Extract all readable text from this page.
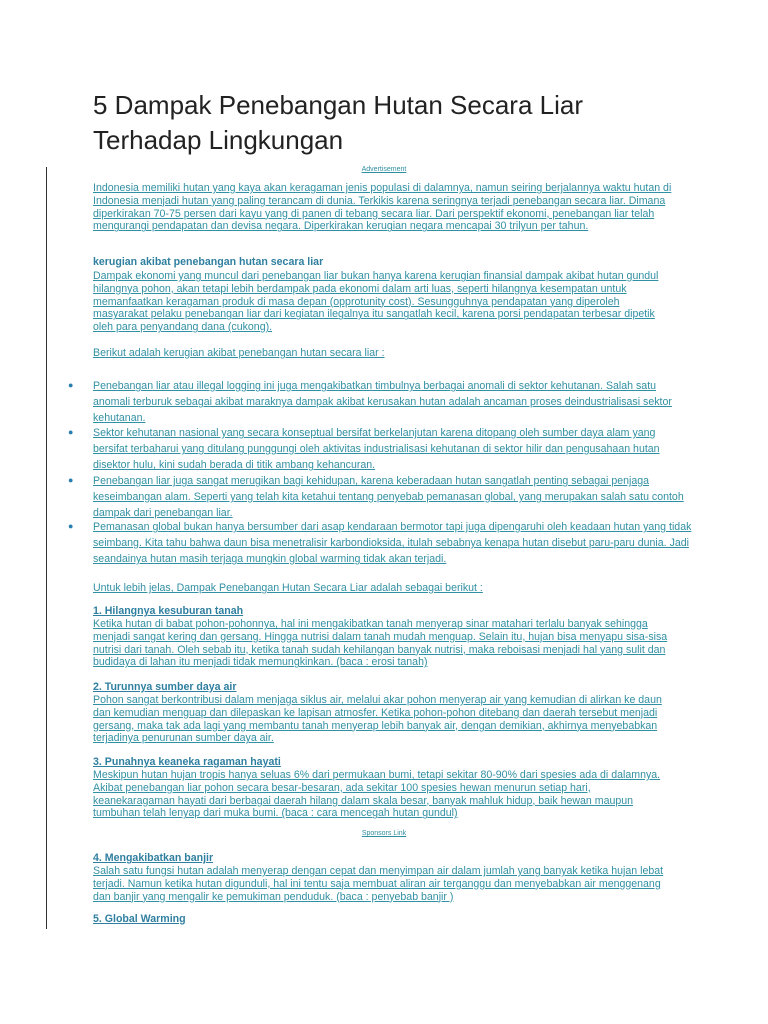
5 Dampak Penebangan Hutan Secara Liar Terhadap Lingkungan
Advertisement

Indonesia memiliki hutan yang kaya akan keragaman jenis populasi di dalamnya, namun seiring berjalannya waktu hutan di Indonesia menjadi hutan yang paling terancam di dunia. Terkikis karena seringnya terjadi penebangan secara liar. Dimana diperkirakan 70-75 persen dari kayu yang di panen di tebang secara liar. Dari perspektif ekonomi, penebangan liar telah mengurangi pendapatan dan devisa negara. Diperkirakan kerugian negara mencapai 30 trilyun per tahun.

kerugian akibat penebangan hutan secara liar

Dampak ekonomi yang muncul dari penebangan liar bukan hanya karena kerugian finansial dampak akibat hutan gundul hilangnya pohon, akan tetapi lebih berdampak pada ekonomi dalam arti luas, seperti hilangnya kesempatan untuk memanfaatkan keragaman produk di masa depan (opprotunity cost). Sesungguhnya pendapatan yang diperoleh masyarakat pelaku penebangan liar dari kegiatan ilegalnya itu sangatlah kecil, karena porsi pendapatan terbesar dipetik oleh para penyandang dana (cukong).

Berikut adalah kerugian akibat penebangan hutan secara liar :

● Penebangan liar atau illegal logging ini juga mengakibatkan timbulnya berbagai anomali di sektor kehutanan. Salah satu anomali terburuk sebagai akibat maraknya dampak akibat kerusakan hutan adalah ancaman proses deindustrialisasi sektor kehutanan.

● Sektor kehutanan nasional yang secara konseptual bersifat berkelanjutan karena ditopang oleh sumber daya alam yang bersifat terbaharui yang ditulang punggungi oleh aktivitas industrialisasi kehutanan di sektor hilir dan pengusahaan hutan disektor hulu, kini sudah berada di titik ambang kehancuran.

● Penebangan liar juga sangat merugikan bagi kehidupan, karena keberadaan hutan sangatlah penting sebagai penjaga keseimbangan alam. Seperti yang telah kita ketahui tentang penyebab pemanasan global, yang merupakan salah satu contoh dampak dari penebangan liar.

● Pemanasan global bukan hanya bersumber dari asap kendaraan bermotor tapi juga dipengaruhi oleh keadaan hutan yang tidak seimbang. Kita tahu bahwa daun bisa menetralisir karbondioksida, itulah sebabnya kenapa hutan disebut paru-paru dunia. Jadi seandainya hutan masih terjaga mungkin global warming tidak akan terjadi.

Untuk lebih jelas, Dampak Penebangan Hutan Secara Liar adalah sebagai berikut :

1. Hilangnya kesuburan tanah

Ketika hutan di babat pohon-pohonnya, hal ini mengakibatkan tanah menyerap sinar matahari terlalu banyak sehingga menjadi sangat kering dan gersang. Hingga nutrisi dalam tanah mudah menguap. Selain itu, hujan bisa menyapu sisa-sisa nutrisi dari tanah. Oleh sebab itu, ketika tanah sudah kehilangan banyak nutrisi, maka reboisasi menjadi hal yang sulit dan budidaya di lahan itu menjadi tidak memungkinkan. (baca : erosi tanah)

2. Turunnya sumber daya air

Pohon sangat berkontribusi dalam menjaga siklus air, melalui akar pohon menyerap air yang kemudian di alirkan ke daun dan kemudian menguap dan dilepaskan ke lapisan atmosfer. Ketika pohon-pohon ditebang dan daerah tersebut menjadi gersang, maka tak ada lagi yang membantu tanah menyerap lebih banyak air, dengan demikian, akhirnya menyebabkan terjadinya penurunan sumber daya air.

3. Punahnya keaneka ragaman hayati

Meskipun hutan hujan tropis hanya seluas 6% dari permukaan bumi, tetapi sekitar 80-90% dari spesies ada di dalamnya. Akibat penebangan liar pohon secara besar-besaran, ada sekitar 100 spesies hewan menurun setiap hari, keanekaragaman hayati dari berbagai daerah hilang dalam skala besar, banyak mahluk hidup, baik hewan maupun tumbuhan telah lenyap dari muka bumi. (baca : cara mencegah hutan gundul)

Sponsors Link
4. Mengakibatkan banjir

Salah satu fungsi hutan adalah menyerap dengan cepat dan menyimpan air dalam jumlah yang banyak ketika hujan lebat terjadi. Namun ketika hutan digunduli, hal ini tentu saja membuat aliran air terganggu dan menyebabkan air menggenang dan banjir yang mengalir ke pemukiman penduduk. (baca : penyebab banjir )

5. Global Warming
